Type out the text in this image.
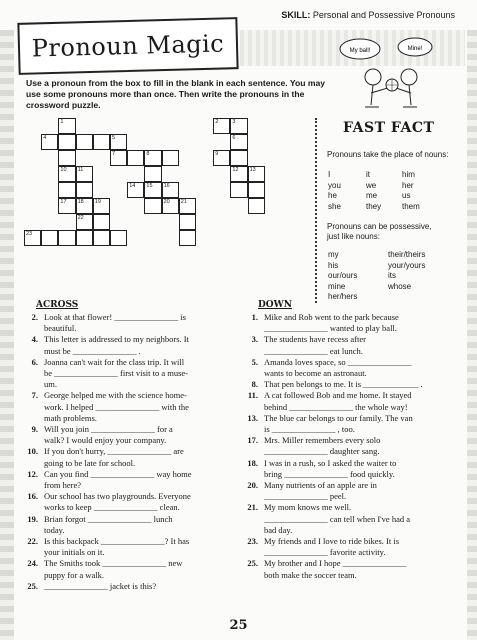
SKILL: Personal and Possessive Pronouns
Pronoun Magic
Use a pronoun from the box to fill in the blank in each sentence. You may use some pronouns more than once. Then write the pronouns in the crossword puzzle.
My ball!	Mine!
1	2	3
4	5	6
7	8	9
10 11	12 13
14 15 16
17 18 19	20 21
22
23
FAST FACT
Pronouns take the place of nouns:
I	it	him
you	we	her
he	me	us
she	they	them
Pronouns can be possessive,
just like nouns:
my	their/theirs
his	your/yours
our/ours	its
mine	whose
her/hers
ACROSS
2. Look at that flower! _______________ is
beautiful.
4. This letter is addressed to my neighbors. It
must be _______________ .
6. Joanna can't wait for the class trip. It will
be _______________ first visit to a muse-
um.
7. George helped me with the science home-
work. I helped _______________ with the
math problems.
9. Will you join _______________ for a
walk? I would enjoy your company.
10. If you don't hurry, _______________ are
going to be late for school.
12. Can you find _______________ way home
from here?
16. Our school has two playgrounds. Everyone
works to keep _______________ clean.
19. Brian forgot _______________ lunch
today.
22. Is this backpack _______________? It has
your initials on it.
24. The Smiths took _______________ new
puppy for a walk.
25. _______________ jacket is this?
DOWN
1. Mike and Rob went to the park because
_______________ wanted to play ball.
3. The students have recess after
_______________ eat lunch.
5. Amanda loves space, so _______________
wants to become an astronaut.
8. That pen belongs to me. It is _____________ .
11. A cat followed Bob and me home. It stayed
behind _______________ the whole way!
13. The blue car belongs to our family. The van
is _______________ , too.
17. Mrs. Miller remembers every solo
_______________ daughter sang.
18. I was in a rush, so I asked the waiter to
bring _______________ food quickly.
20. Many nutrients of an apple are in
_______________ peel.
21. My mom knows me well.
_______________ can tell when I've had a
bad day.
23. My friends and I love to ride bikes. It is
_______________ favorite activity.
25. My brother and I hope _______________
both make the soccer team.
25
